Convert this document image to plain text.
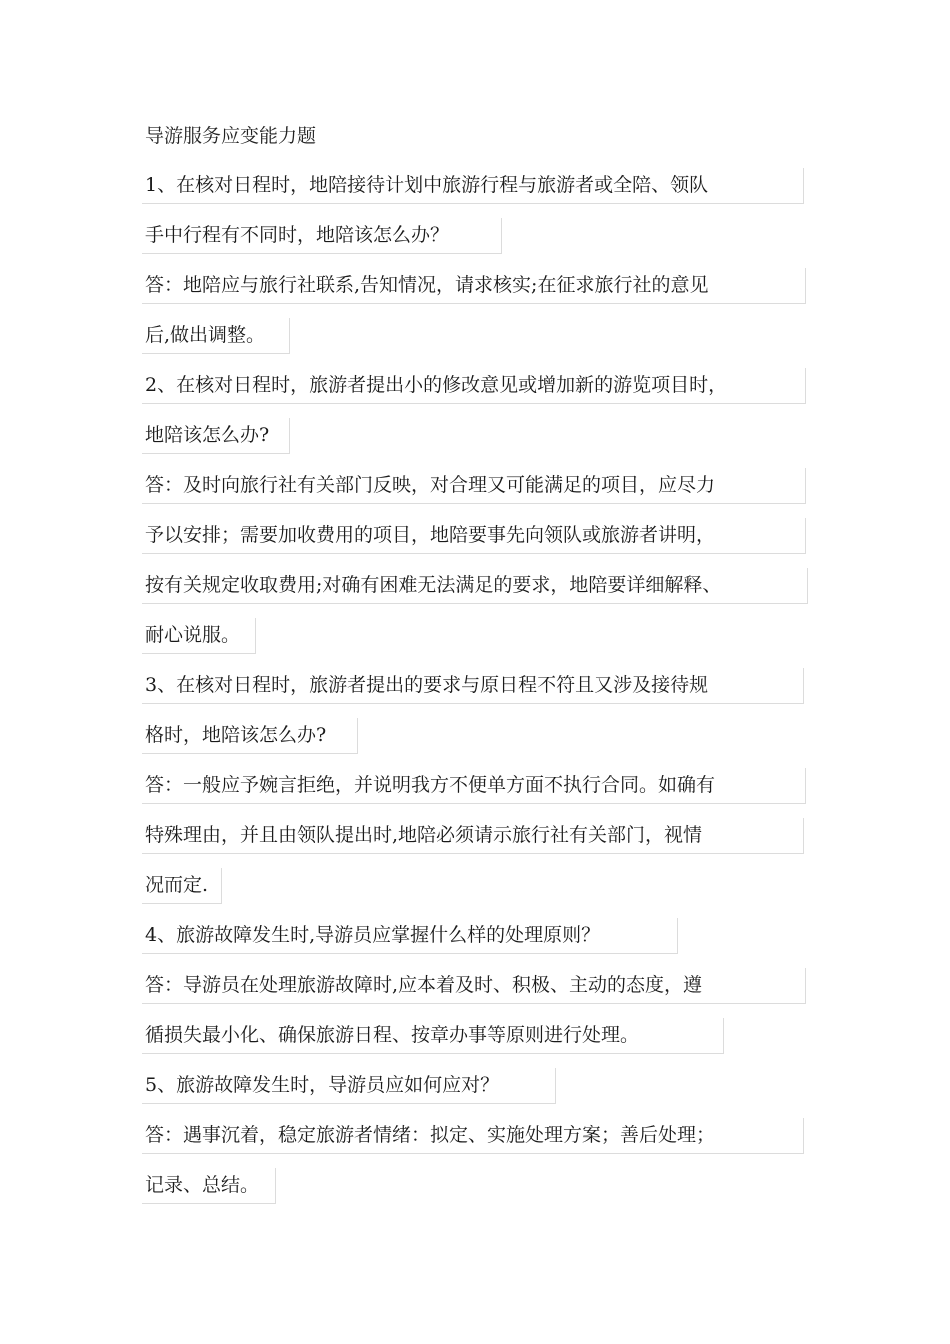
导游服务应变能力题
1、在核对日程时，地陪接待计划中旅游行程与旅游者或全陪、领队
手中行程有不同时，地陪该怎么办？
答：地陪应与旅行社联系,告知情况，请求核实;在征求旅行社的意见
后,做出调整。
2、在核对日程时，旅游者提出小的修改意见或增加新的游览项目时，
地陪该怎么办?
答：及时向旅行社有关部门反映，对合理又可能满足的项目，应尽力
予以安排；需要加收费用的项目，地陪要事先向领队或旅游者讲明，
按有关规定收取费用;对确有困难无法满足的要求，地陪要详细解释、
耐心说服。
3、在核对日程时，旅游者提出的要求与原日程不符且又涉及接待规
格时，地陪该怎么办?
答：一般应予婉言拒绝，并说明我方不便单方面不执行合同。如确有
特殊理由，并且由领队提出时,地陪必须请示旅行社有关部门，视情
况而定.
4、旅游故障发生时,导游员应掌握什么样的处理原则？
答：导游员在处理旅游故障时,应本着及时、积极、主动的态度，遵
循损失最小化、确保旅游日程、按章办事等原则进行处理。
5、旅游故障发生时，导游员应如何应对？
答：遇事沉着，稳定旅游者情绪：拟定、实施处理方案；善后处理；
记录、总结。
